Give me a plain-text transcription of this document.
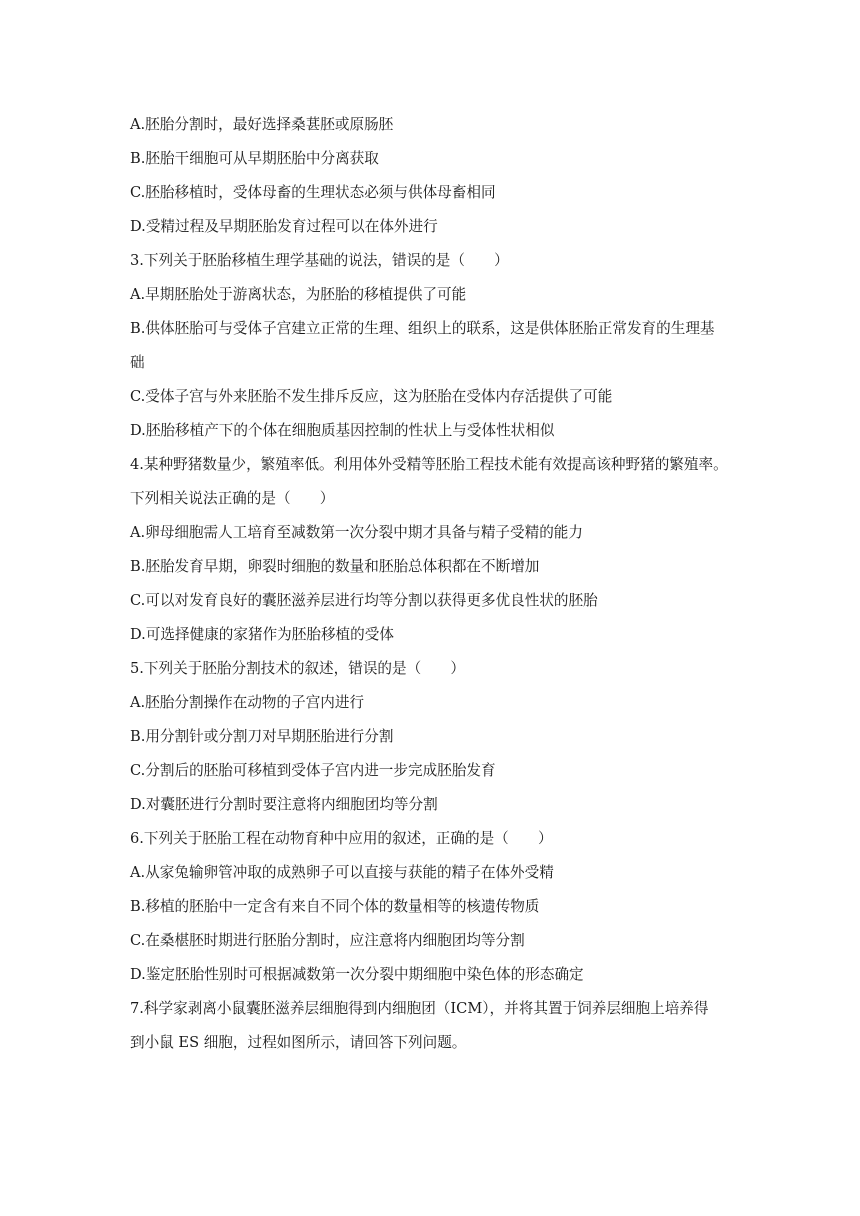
A.胚胎分割时，最好选择桑葚胚或原肠胚
B.胚胎干细胞可从早期胚胎中分离获取
C.胚胎移植时，受体母畜的生理状态必须与供体母畜相同
D.受精过程及早期胚胎发育过程可以在体外进行
3.下列关于胚胎移植生理学基础的说法，错误的是（　　）
A.早期胚胎处于游离状态，为胚胎的移植提供了可能
B.供体胚胎可与受体子宫建立正常的生理、组织上的联系，这是供体胚胎正常发育的生理基
础
C.受体子宫与外来胚胎不发生排斥反应，这为胚胎在受体内存活提供了可能
D.胚胎移植产下的个体在细胞质基因控制的性状上与受体性状相似
4.某种野猪数量少，繁殖率低。利用体外受精等胚胎工程技术能有效提高该种野猪的繁殖率。
下列相关说法正确的是（　　）
A.卵母细胞需人工培育至减数第一次分裂中期才具备与精子受精的能力
B.胚胎发育早期，卵裂时细胞的数量和胚胎总体积都在不断增加
C.可以对发育良好的囊胚滋养层进行均等分割以获得更多优良性状的胚胎
D.可选择健康的家猪作为胚胎移植的受体
5.下列关于胚胎分割技术的叙述，错误的是（　　）
A.胚胎分割操作在动物的子宫内进行
B.用分割针或分割刀对早期胚胎进行分割
C.分割后的胚胎可移植到受体子宫内进一步完成胚胎发育
D.对囊胚进行分割时要注意将内细胞团均等分割
6.下列关于胚胎工程在动物育种中应用的叙述，正确的是（　　）
A.从家兔输卵管冲取的成熟卵子可以直接与获能的精子在体外受精
B.移植的胚胎中一定含有来自不同个体的数量相等的核遗传物质
C.在桑椹胚时期进行胚胎分割时，应注意将内细胞团均等分割
D.鉴定胚胎性别时可根据减数第一次分裂中期细胞中染色体的形态确定
7.科学家剥离小鼠囊胚滋养层细胞得到内细胞团（ICM），并将其置于饲养层细胞上培养得
到小鼠 ES 细胞，过程如图所示，请回答下列问题。
